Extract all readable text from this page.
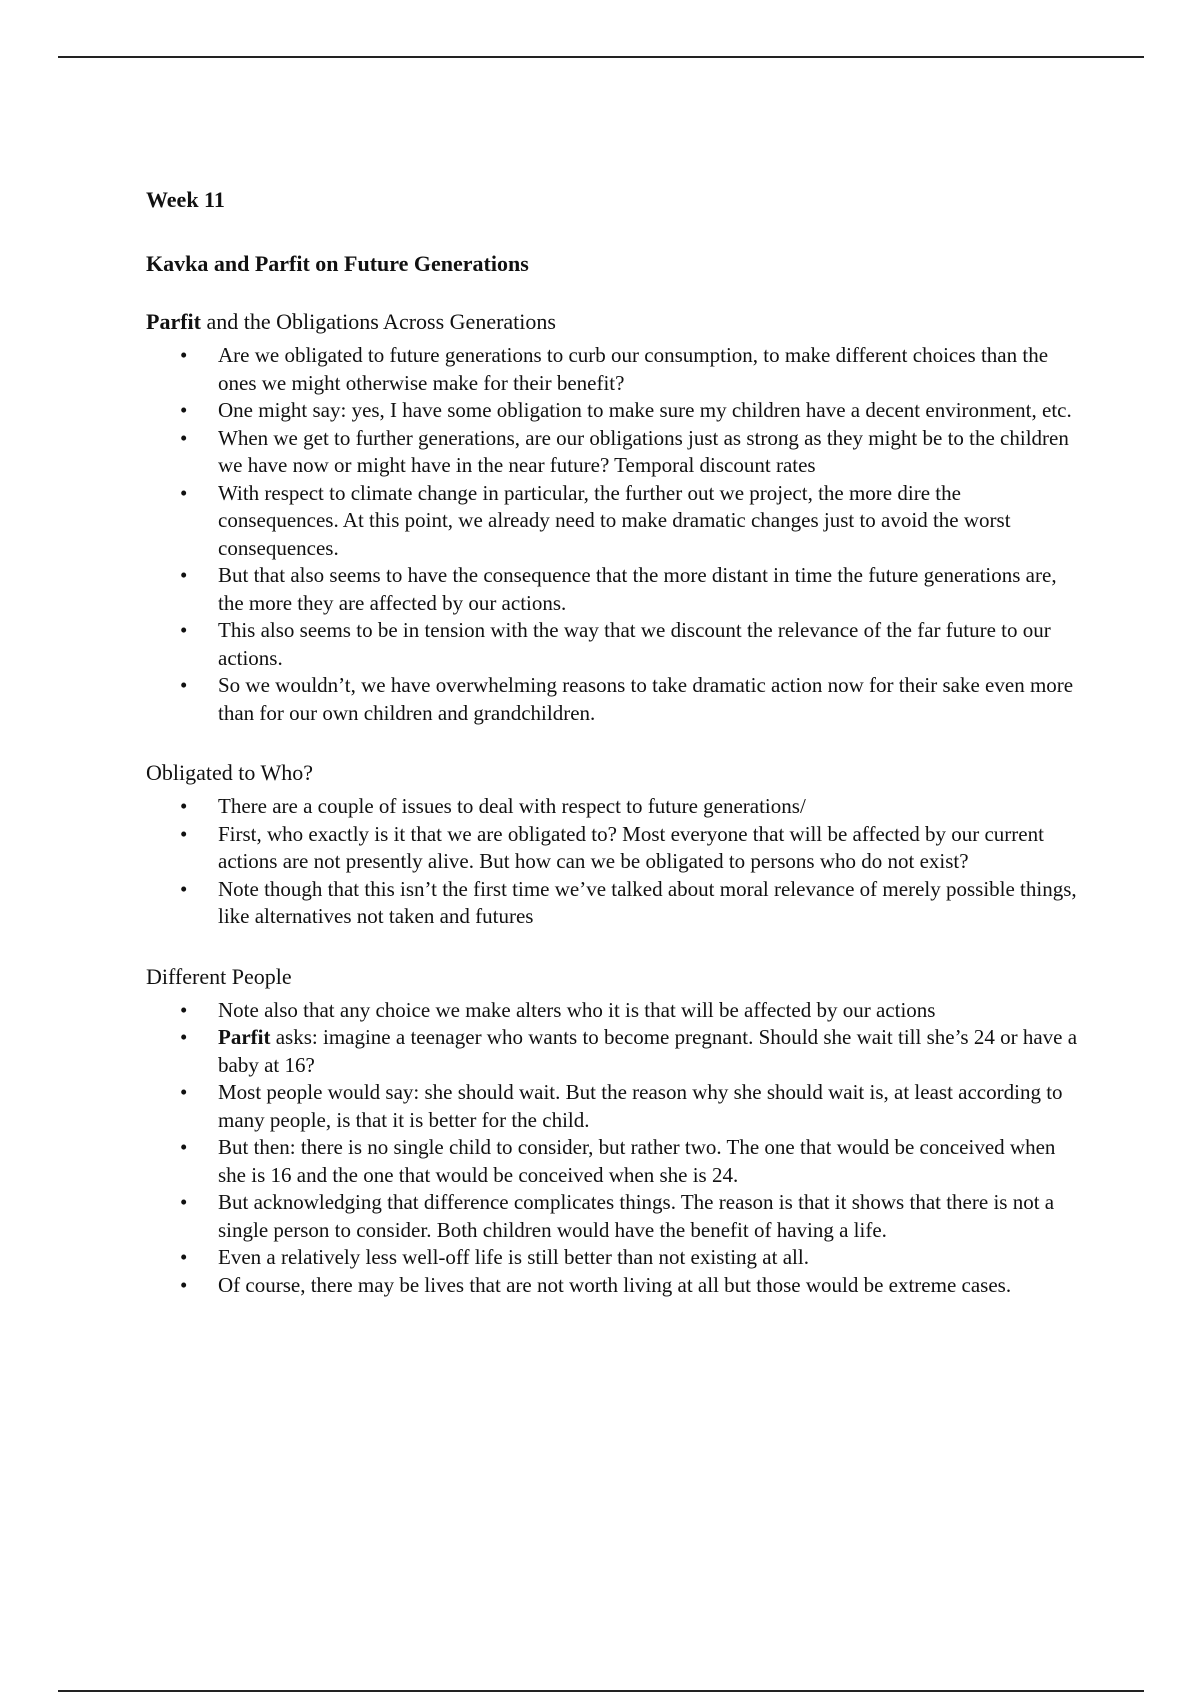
Week 11

Kavka and Parfit on Future Generations

Parfit and the Obligations Across Generations

• Are we obligated to future generations to curb our consumption, to make different choices than the ones we might otherwise make for their benefit?
• One might say: yes, I have some obligation to make sure my children have a decent environment, etc.
• When we get to further generations, are our obligations just as strong as they might be to the children we have now or might have in the near future? Temporal discount rates
• With respect to climate change in particular, the further out we project, the more dire the consequences. At this point, we already need to make dramatic changes just to avoid the worst consequences.
• But that also seems to have the consequence that the more distant in time the future generations are, the more they are affected by our actions.
• This also seems to be in tension with the way that we discount the relevance of the far future to our actions.
• So we wouldn’t, we have overwhelming reasons to take dramatic action now for their sake even more than for our own children and grandchildren.

Obligated to Who?

• There are a couple of issues to deal with respect to future generations/
• First, who exactly is it that we are obligated to? Most everyone that will be affected by our current actions are not presently alive. But how can we be obligated to persons who do not exist?
• Note though that this isn’t the first time we’ve talked about moral relevance of merely possible things, like alternatives not taken and futures

Different People

• Note also that any choice we make alters who it is that will be affected by our actions
• Parfit asks: imagine a teenager who wants to become pregnant. Should she wait till she’s 24 or have a baby at 16?
• Most people would say: she should wait. But the reason why she should wait is, at least according to many people, is that it is better for the child.
• But then: there is no single child to consider, but rather two. The one that would be conceived when she is 16 and the one that would be conceived when she is 24.
• But acknowledging that difference complicates things. The reason is that it shows that there is not a single person to consider. Both children would have the benefit of having a life.
• Even a relatively less well-off life is still better than not existing at all.
• Of course, there may be lives that are not worth living at all but those would be extreme cases.
